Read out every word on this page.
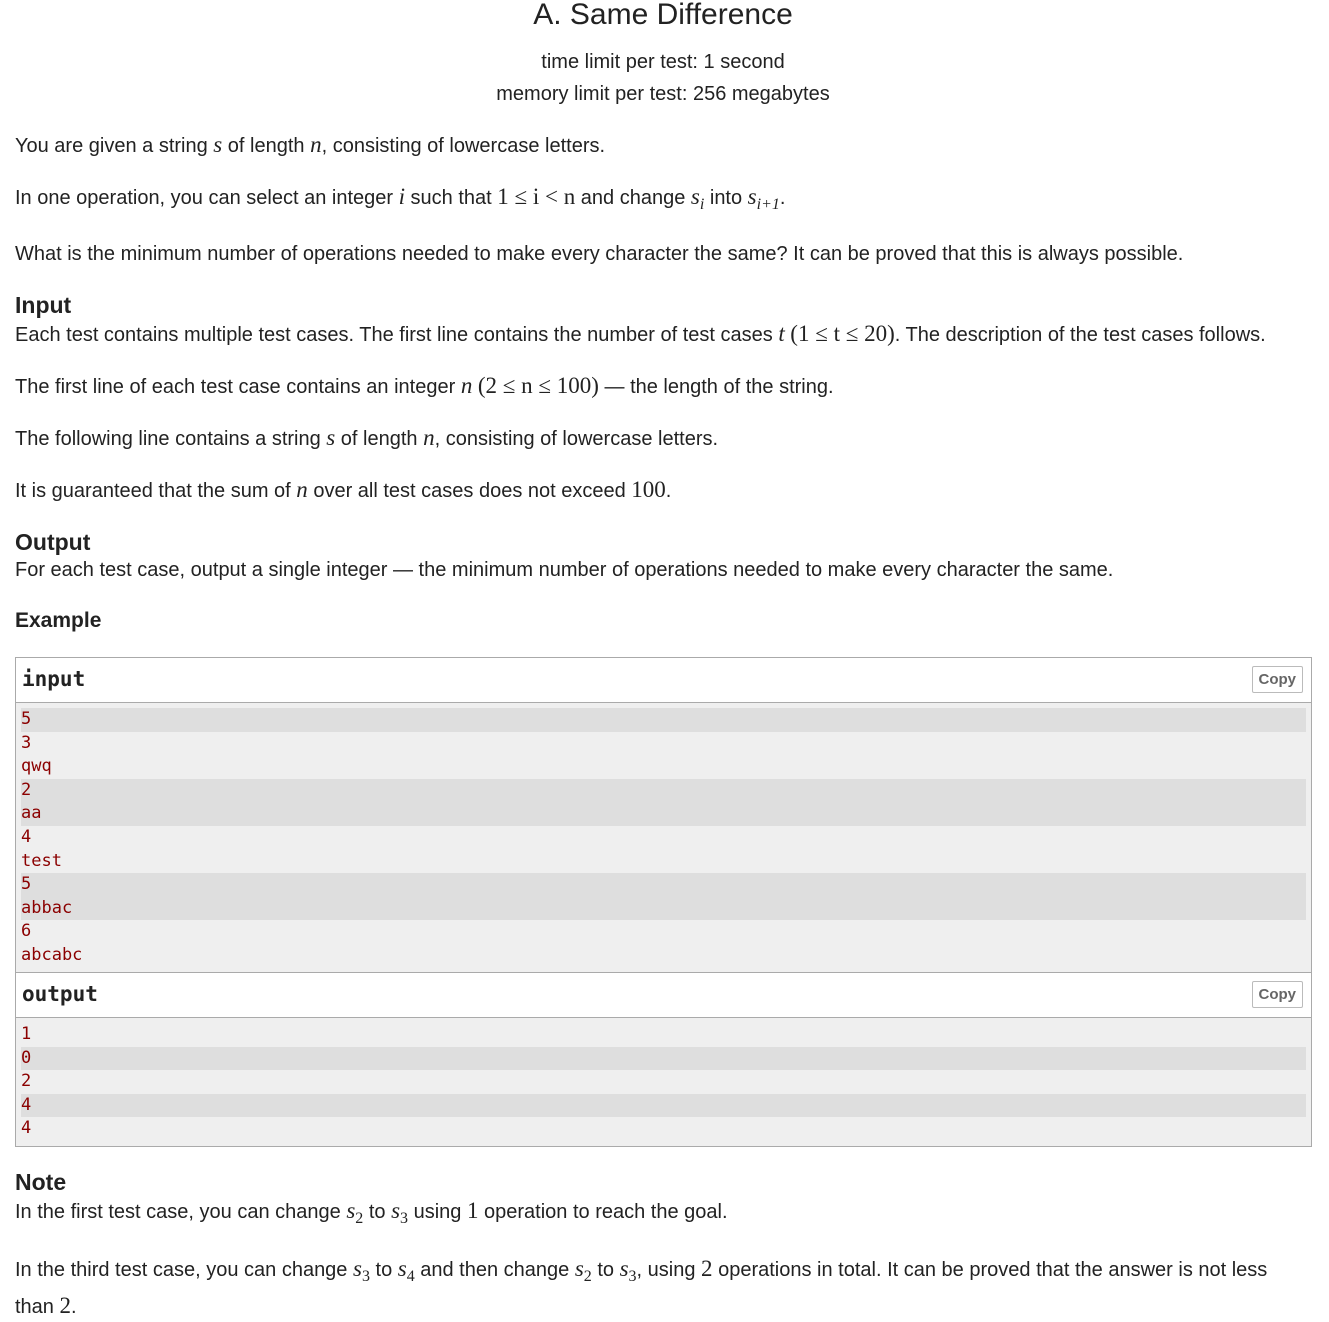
A. Same Difference
time limit per test: 1 second
memory limit per test: 256 megabytes

You are given a string s of length n, consisting of lowercase letters.

In one operation, you can select an integer i such that 1 ≤ i < n and change $s_i$ into $s_{i+1}$.

What is the minimum number of operations needed to make every character the same? It can be proved that this is always possible.

Input

Each test contains multiple test cases. The first line contains the number of test cases t (1 ≤ t ≤ 20). The description of the test cases follows.

The first line of each test case contains an integer n (2 ≤ n ≤ 100) — the length of the string.

The following line contains a string s of length n, consisting of lowercase letters.

It is guaranteed that the sum of n over all test cases does not exceed 100.

Output

For each test case, output a single integer — the minimum number of operations needed to make every character the same.

Example
input	Copy
5
3
qwq
2
aa
4
test
5
abbac
6
abcabc
output	Copy
1
0
2
4
4
Note

In the first test case, you can change $s_2$ to $s_3$ using 1 operation to reach the goal.

In the third test case, you can change $s_3$ to $s_4$ and then change $s_2$ to $s_3$, using 2 operations in total. It can be proved that the answer is not less than 2.
